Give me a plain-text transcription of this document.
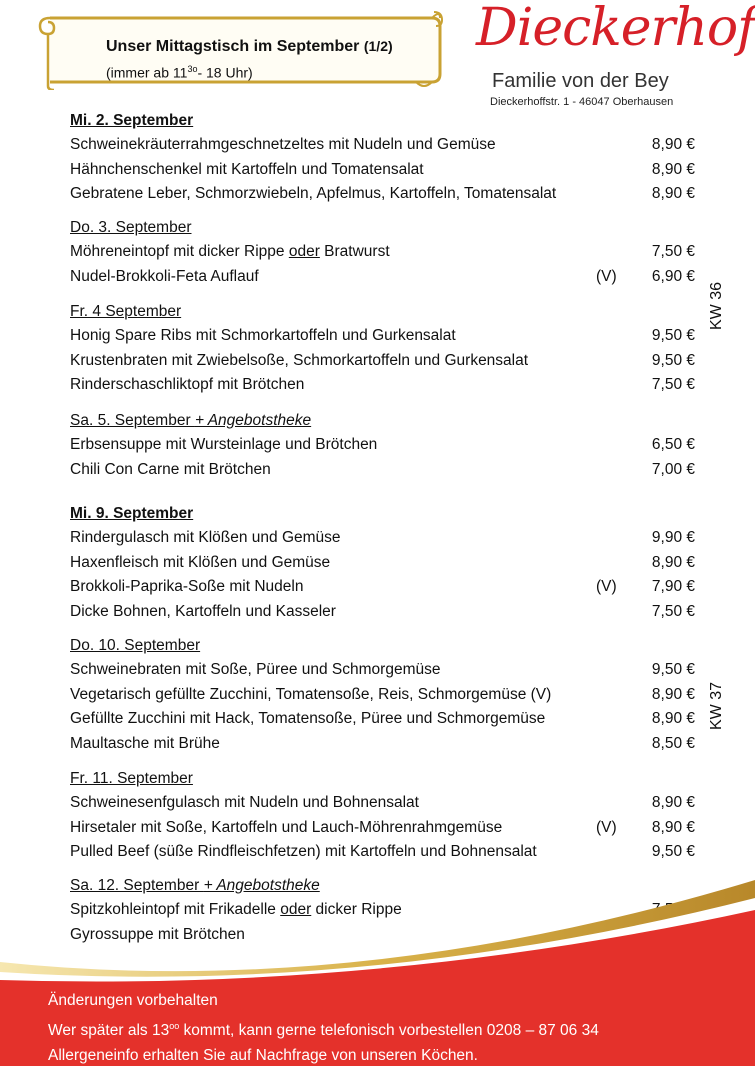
Unser Mittagstisch im September (1/2)
(immer ab $11^{3o}-$ 18 Uhr)
Dieckerhof
Familie von der Bey
Dieckerhoffstr. 1 - 46047 Oberhausen
Mi. 2. September
Schweinekräuterrahmgeschnetzeltes mit Nudeln und Gemüse	8,90 €
Hähnchenschenkel mit Kartoffeln und Tomatensalat	8,90 €
Gebratene Leber, Schmorzwiebeln, Apfelmus, Kartoffeln, Tomatensalat	8,90 €
Do. 3. September
Möhreneintopf mit dicker Rippe oder Bratwurst	7,50 €
Nudel-Brokkoli-Feta Auflauf	(V) 6,90 €
Fr. 4 September
Honig Spare Ribs mit Schmorkartoffeln und Gurkensalat	9,50 €
Krustenbraten mit Zwiebelsoße, Schmorkartoffeln und Gurkensalat	9,50 €
Rinderschaschliktopf mit Brötchen	7,50 €
Sa. 5. September + Angebotstheke
Erbsensuppe mit Wursteinlage und Brötchen	6,50 €
Chili Con Carne mit Brötchen	7,00 €
Mi. 9. September
Rindergulasch mit Klößen und Gemüse	9,90 €
Haxenfleisch mit Klößen und Gemüse	8,90 €
Brokkoli-Paprika-Soße mit Nudeln	(V) 7,90 €
Dicke Bohnen, Kartoffeln und Kasseler	7,50 €
Do. 10. September
Schweinebraten mit Soße, Püree und Schmorgemüse	9,50 €
Vegetarisch gefüllte Zucchini, Tomatensoße, Reis, Schmorgemüse (V)	8,90 €
Gefüllte Zucchini mit Hack, Tomatensoße, Püree und Schmorgemüse	8,90 €
Maultasche mit Brühe	8,50 €
Fr. 11. September
Schweinesenfgulasch mit Nudeln und Bohnensalat	8,90 €
Hirsetaler mit Soße, Kartoffeln und Lauch-Möhrenrahmgemüse	(V) 8,90 €
Pulled Beef (süße Rindfleischfetzen) mit Kartoffeln und Bohnensalat	9,50 €
Sa. 12. September + Angebotstheke
Spitzkohleintopf mit Frikadelle oder dicker Rippe
Gyrossuppe mit Brötchen
KW 36
KW 37
Änderungen vorbehalten
Wer später als $13^{oo}$ kommt, kann gerne telefonisch vorbestellen 0208 – 87 06 34
Allergeneinfo erhalten Sie auf Nachfrage von unseren Köchen.
